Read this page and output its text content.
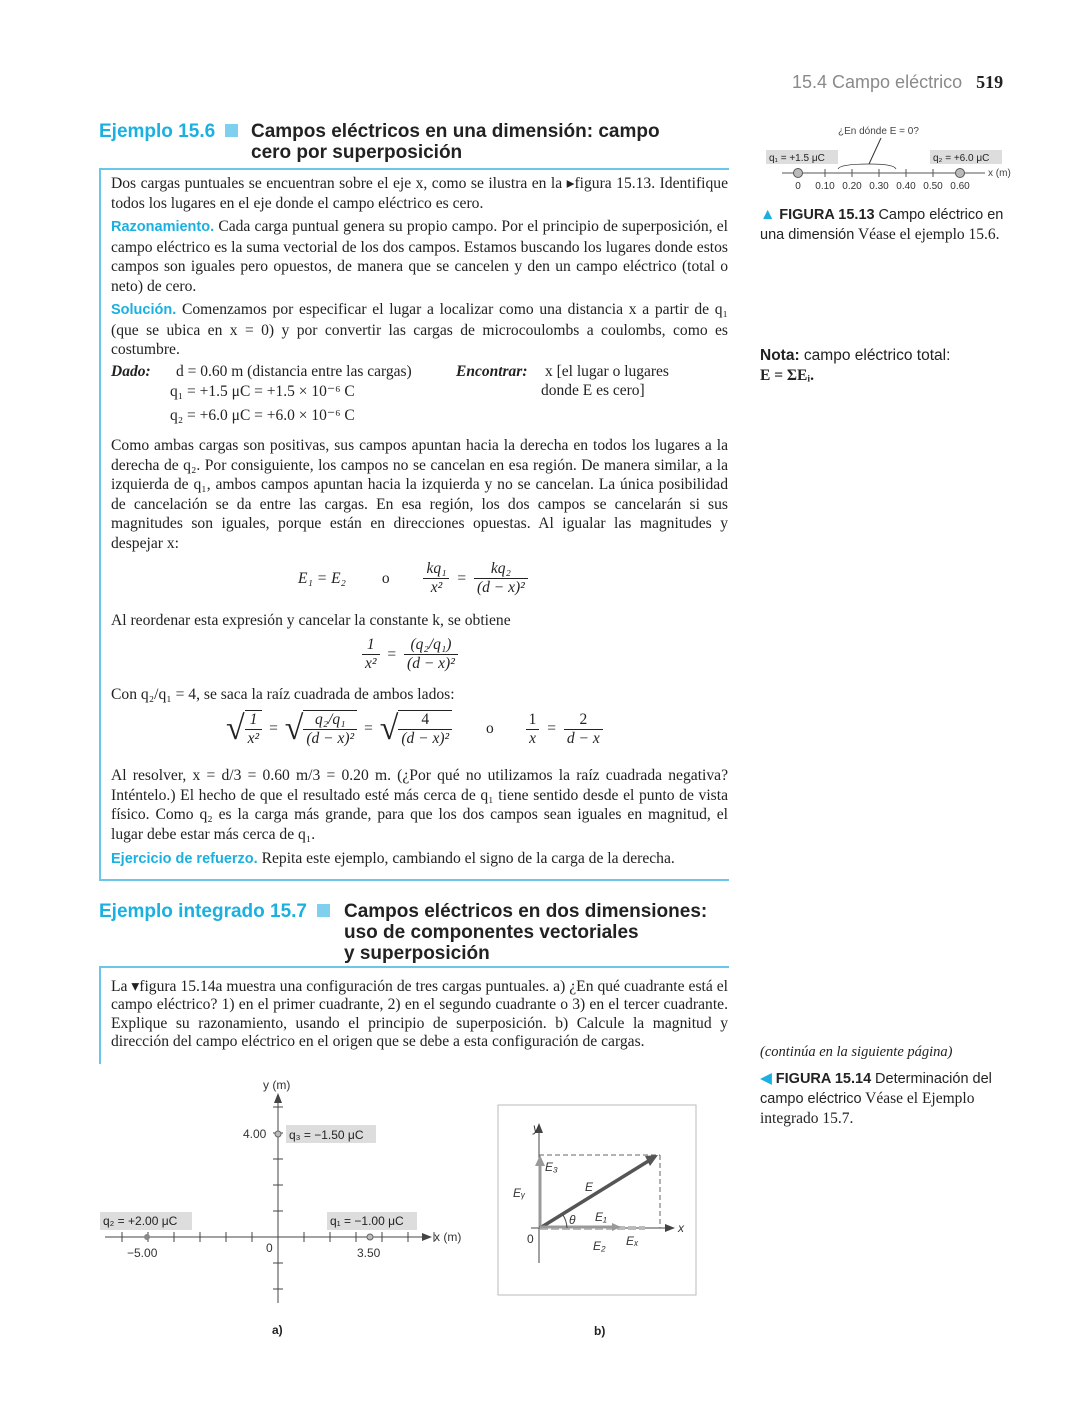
15.4 Campo eléctrico 519
Ejemplo 15.6	Campos eléctricos en una dimensión: campo
cero por superposición
Dos cargas puntuales se encuentran sobre el eje x, como se ilustra en la ▸figura 15.13. Identifique todos los lugares en el eje donde el campo eléctrico es cero.
Razonamiento. Cada carga puntual genera su propio campo. Por el principio de superposición, el campo eléctrico es la suma vectorial de los dos campos. Estamos buscando los lugares donde estos campos son iguales pero opuestos, de manera que se cancelen y den un campo eléctrico (total o neto) de cero.
Solución. Comenzamos por especificar el lugar a localizar como una distancia x a partir de q₁ (que se ubica en x = 0) y por convertir las cargas de microcoulombs a coulombs, como es costumbre.
Dado: d = 0.60 m (distancia entre las cargas)
q₁ = +1.5 μC = +1.5 × 10⁻⁶ C
q₂ = +6.0 μC = +6.0 × 10⁻⁶ C
Encontrar: x [el lugar o lugares
donde E es cero]
Como ambas cargas son positivas, sus campos apuntan hacia la derecha en todos los lugares a la derecha de q₂. Por consiguiente, los campos no se cancelan en esa región. De manera similar, a la izquierda de q₁, ambos campos apuntan hacia la izquierda y no se cancelan. La única posibilidad de cancelación se da entre las cargas. En esa región, los dos campos se cancelarán si sus magnitudes son iguales, porque están en direcciones opuestas. Al igualar las magnitudes y despejar x:
E₁ = E₂ o $\frac{\text{kq₁}}{\text{x²}} = \frac{\text{kq₂}}{\text{(d − x)²}}$
Al reordenar esta expresión y cancelar la constante k, se obtiene
$\frac{1}{\text{x²}} = \frac{\text{(q₂/q₁)}}{\text{(d − x)²}}$
Con q₂/q₁ = 4, se saca la raíz cuadrada de ambos lados:
√ $\frac{1}{\text{x²}}$ = √ $\frac{\text{q₂/q₁}}{\text{(d − x)²}}$ = √ $\frac{4}{\text{(d − x)²}}$ o $\frac{1}{x} = \frac{2}{d - x}$
Al resolver, x = d/3 = 0.60 m/3 = 0.20 m. (¿Por qué no utilizamos la raíz cuadrada negativa? Inténtelo.) El hecho de que el resultado esté más cerca de q₁ tiene sentido desde el punto de vista físico. Como q₂ es la carga más grande, para que los dos campos sean iguales en magnitud, el lugar debe estar más cerca de q₁.
Ejercicio de refuerzo. Repita este ejemplo, cambiando el signo de la carga de la derecha.
Ejemplo integrado 15.7	Campos eléctricos en dos dimensiones:
uso de componentes vectoriales
y superposición
La ▾figura 15.14a muestra una configuración de tres cargas puntuales. a) ¿En qué cuadrante está el campo eléctrico? 1) en el primer cuadrante, 2) en el segundo cuadrante o 3) en el tercer cuadrante. Explique su razonamiento, usando el principio de superposición. b) Calcule la magnitud y dirección del campo eléctrico en el origen que se debe a esta configuración de cargas.
¿En dónde E = 0?
q₁ = +1.5 μC	q₂ = +6.0 μC
0 0.10 0.20 0.30 0.40 0.50 0.60
x (m)
▲ FIGURA 15.13 Campo eléctrico en una dimensión Véase el ejemplo 15.6.
Nota: campo eléctrico total:
E = ΣEᵢ.
(continúa en la siguiente página)
◀ FIGURA 15.14 Determinación del campo eléctrico Véase el Ejemplo integrado 15.7.
y (m)
4.00 q₃ = −1.50 μC
q₂ = +2.00 μC	q₁ = −1.00 μC
x (m)
−5.00	0	3.50
a)
y
x
0
E₃
E
Eᵧ
θ E₁
E₂ Eₓ
b)
